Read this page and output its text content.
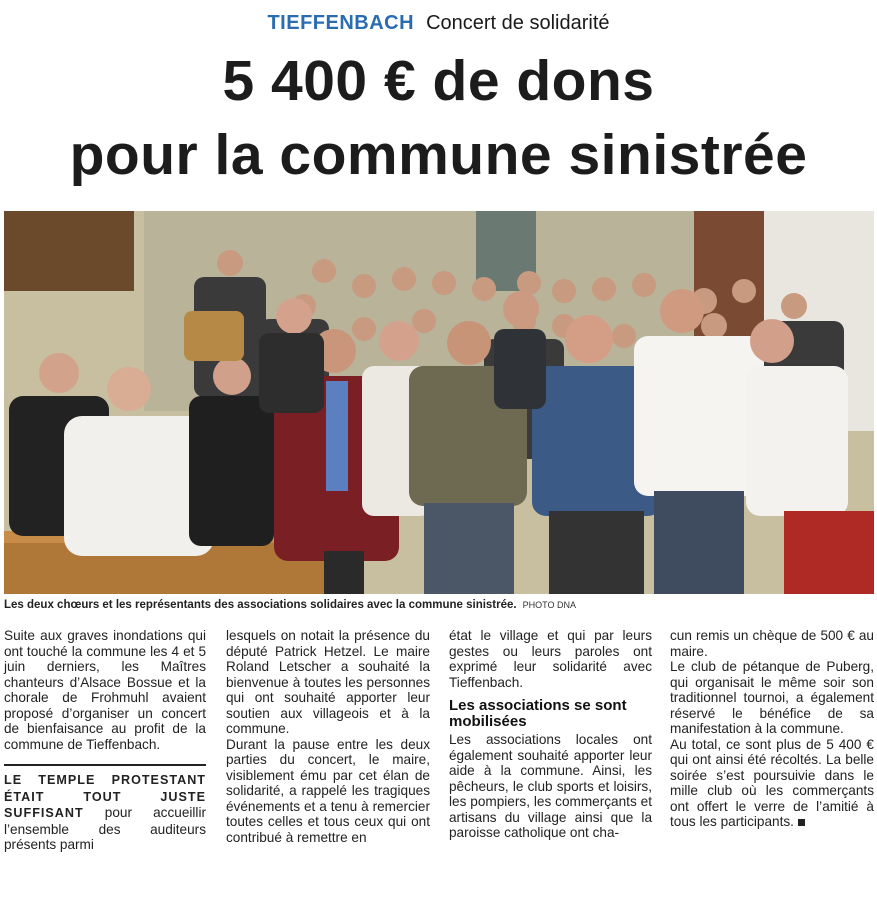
TIEFFENBACH Concert de solidarité
5 400 € de dons
pour la commune sinistrée
Les deux chœurs et les représentants des associations solidaires avec la commune sinistrée. PHOTO DNA

Suite aux graves inondations qui ont touché la commune les 4 et 5 juin derniers, les Maîtres chanteurs d’Alsace Bossue et la chorale de Frohmuhl avaient proposé d’organiser un concert de bienfaisance au profit de la commune de Tieffenbach.

LE TEMPLE PROTESTANT ÉTAIT TOUT JUSTE SUFFISANT pour accueillir l’ensemble des auditeurs présents parmi

lesquels on notait la présence du député Patrick Hetzel. Le maire Roland Letscher a souhaité la bienvenue à toutes les personnes qui ont souhaité apporter leur soutien aux villageois et à la commune.

Durant la pause entre les deux parties du concert, le maire, visiblement ému par cet élan de solidarité, a rappelé les tragiques événements et a tenu à remercier toutes celles et tous ceux qui ont contribué à remettre en

état le village et qui par leurs gestes ou leurs paroles ont exprimé leur solidarité avec Tieffenbach.

Les associations se sont mobilisées

Les associations locales ont également souhaité apporter leur aide à la commune. Ainsi, les pêcheurs, le club sports et loisirs, les pompiers, les commerçants et artisans du village ainsi que la paroisse catholique ont cha-

cun remis un chèque de 500 € au maire.

Le club de pétanque de Puberg, qui organisait le même soir son traditionnel tournoi, a également réservé le bénéfice de sa manifestation à la commune.

Au total, ce sont plus de 5 400 € qui ont ainsi été récoltés. La belle soirée s’est poursuivie dans le mille club où les commerçants ont offert le verre de l’amitié à tous les participants.
